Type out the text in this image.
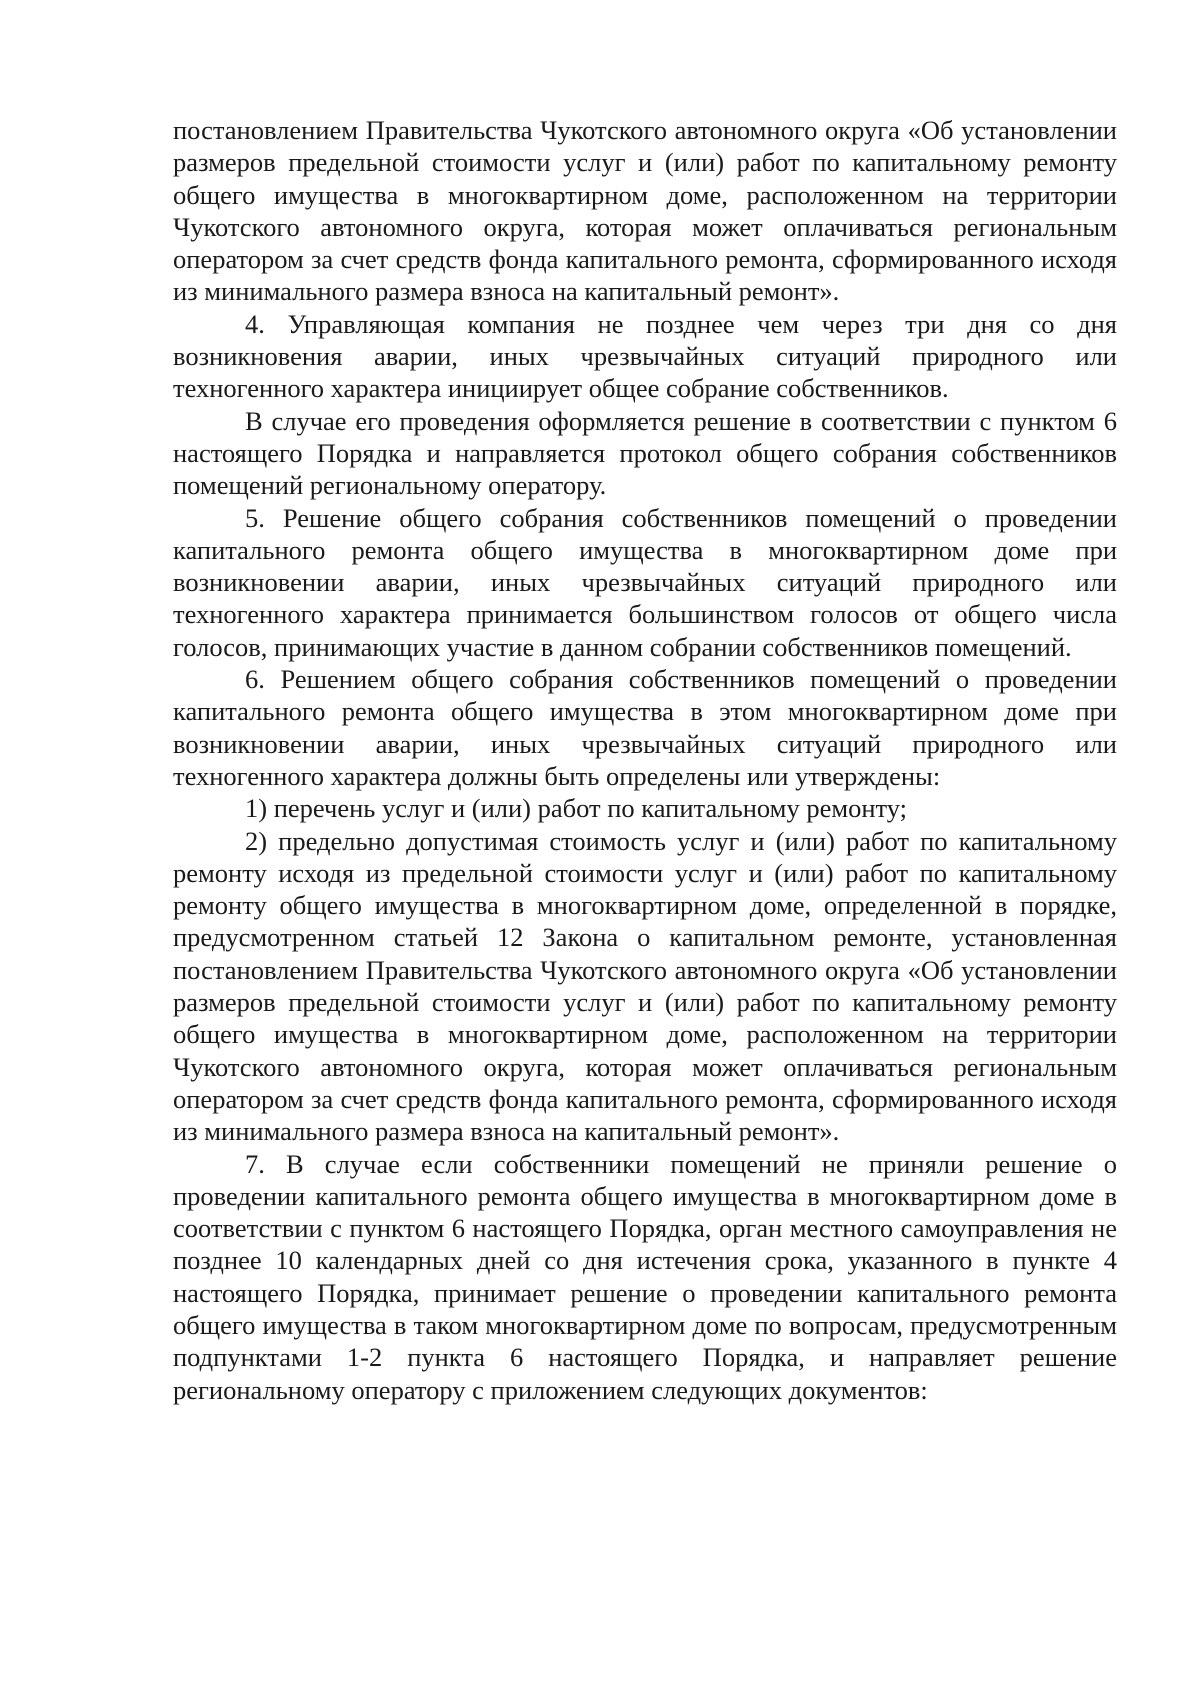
постановлением Правительства Чукотского автономного округа «Об установлении размеров предельной стоимости услуг и (или) работ по капитальному ремонту общего имущества в многоквартирном доме, расположенном на территории Чукотского автономного округа, которая может оплачиваться региональным оператором за счет средств фонда капитального ремонта, сформированного исходя из минимального размера взноса на капитальный ремонт».

4. Управляющая компания не позднее чем через три дня со дня возникновения аварии, иных чрезвычайных ситуаций природного или техногенного характера инициирует общее собрание собственников.

В случае его проведения оформляется решение в соответствии с пунктом 6 настоящего Порядка и направляется протокол общего собрания собственников помещений региональному оператору.

5. Решение общего собрания собственников помещений о проведении капитального ремонта общего имущества в многоквартирном доме при возникновении аварии, иных чрезвычайных ситуаций природного или техногенного характера принимается большинством голосов от общего числа голосов, принимающих участие в данном собрании собственников помещений.

6. Решением общего собрания собственников помещений о проведении капитального ремонта общего имущества в этом многоквартирном доме при возникновении аварии, иных чрезвычайных ситуаций природного или техногенного характера должны быть определены или утверждены:

1) перечень услуг и (или) работ по капитальному ремонту;

2) предельно допустимая стоимость услуг и (или) работ по капитальному ремонту исходя из предельной стоимости услуг и (или) работ по капитальному ремонту общего имущества в многоквартирном доме, определенной в порядке, предусмотренном статьей 12 Закона о капитальном ремонте, установленная постановлением Правительства Чукотского автономного округа «Об установлении размеров предельной стоимости услуг и (или) работ по капитальному ремонту общего имущества в многоквартирном доме, расположенном на территории Чукотского автономного округа, которая может оплачиваться региональным оператором за счет средств фонда капитального ремонта, сформированного исходя из минимального размера взноса на капитальный ремонт».

7. В случае если собственники помещений не приняли решение о проведении капитального ремонта общего имущества в многоквартирном доме в соответствии с пунктом 6 настоящего Порядка, орган местного самоуправления не позднее 10 календарных дней со дня истечения срока, указанного в пункте 4 настоящего Порядка, принимает решение о проведении капитального ремонта общего имущества в таком многоквартирном доме по вопросам, предусмотренным подпунктами 1-2 пункта 6 настоящего Порядка, и направляет решение региональному оператору с приложением следующих документов:
